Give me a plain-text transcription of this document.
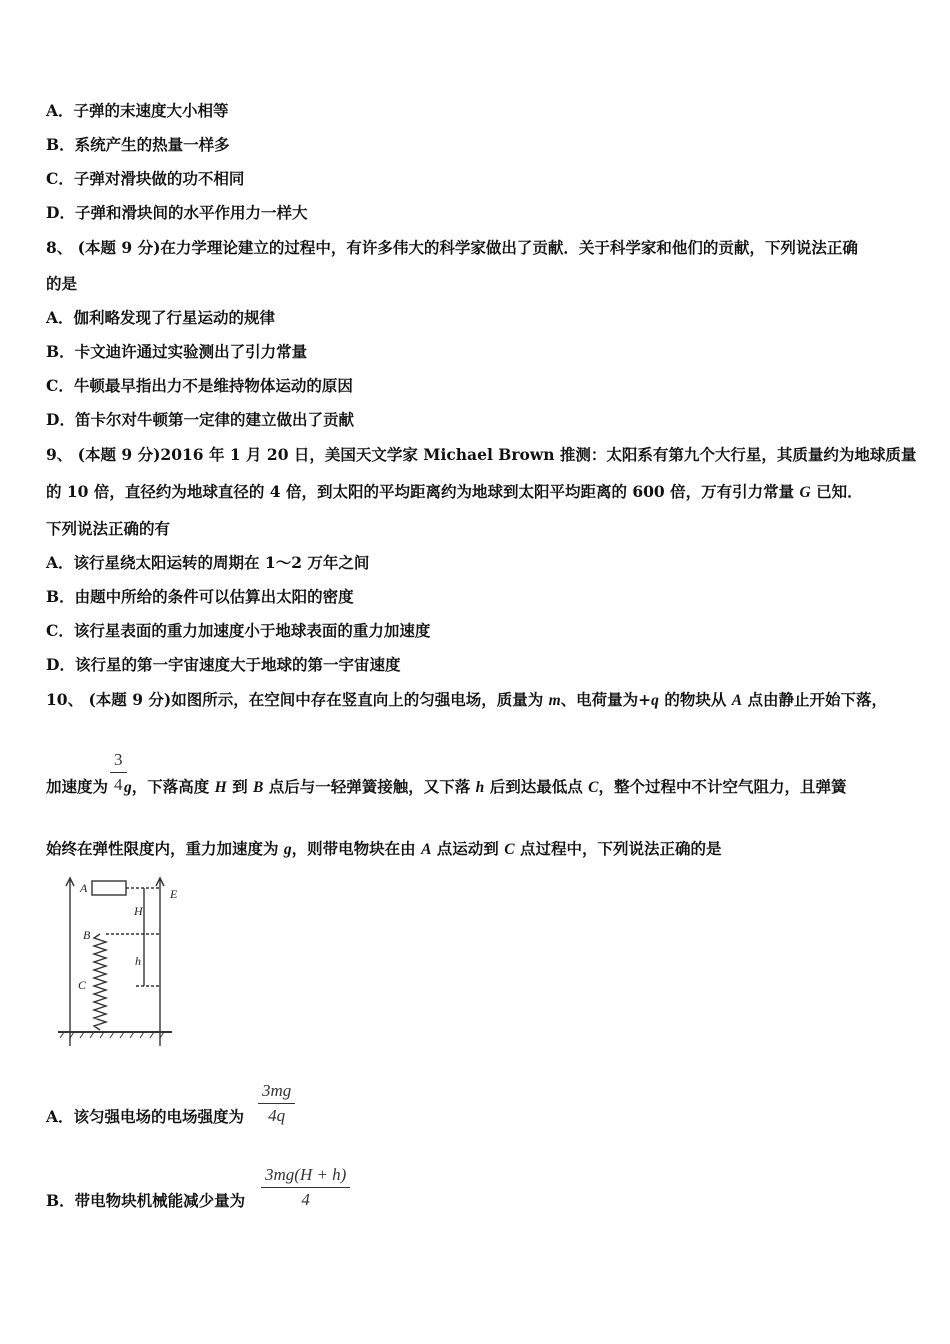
A．子弹的末速度大小相等
B．系统产生的热量一样多
C．子弹对滑块做的功不相同
D．子弹和滑块间的水平作用力一样大
8、 (本题 9 分)在力学理论建立的过程中，有许多伟大的科学家做出了贡献．关于科学家和他们的贡献，下列说法正确
的是
A．伽利略发现了行星运动的规律
B．卡文迪许通过实验测出了引力常量
C．牛顿最早指出力不是维持物体运动的原因
D．笛卡尔对牛顿第一定律的建立做出了贡献
9、 (本题 9 分)2016 年 1 月 20 日，美国天文学家 Michael Brown 推测：太阳系有第九个大行星，其质量约为地球质量
的 10 倍，直径约为地球直径的 4 倍，到太阳的平均距离约为地球到太阳平均距离的 600 倍，万有引力常量 G 已知．
下列说法正确的有
A．该行星绕太阳运转的周期在 1～2 万年之间
B．由题中所给的条件可以估算出太阳的密度
C．该行星表面的重力加速度小于地球表面的重力加速度
D．该行星的第一宇宙速度大于地球的第一宇宙速度
10、 (本题 9 分)如图所示，在空间中存在竖直向上的匀强电场，质量为 m、电荷量为+q 的物块从 A 点由静止开始下落，
3
4
加速度为 g，下落高度 H 到 B 点后与一轻弹簧接触，又下落 h 后到达最低点 C，整个过程中不计空气阻力，且弹簧
始终在弹性限度内，重力加速度为 g，则带电物块在由 A 点运动到 C 点过程中，下列说法正确的是
A
B
C
E
H
h
3mg
4q
A．该匀强电场的电场强度为
3mg(H + h)
4
B．带电物块机械能减少量为
